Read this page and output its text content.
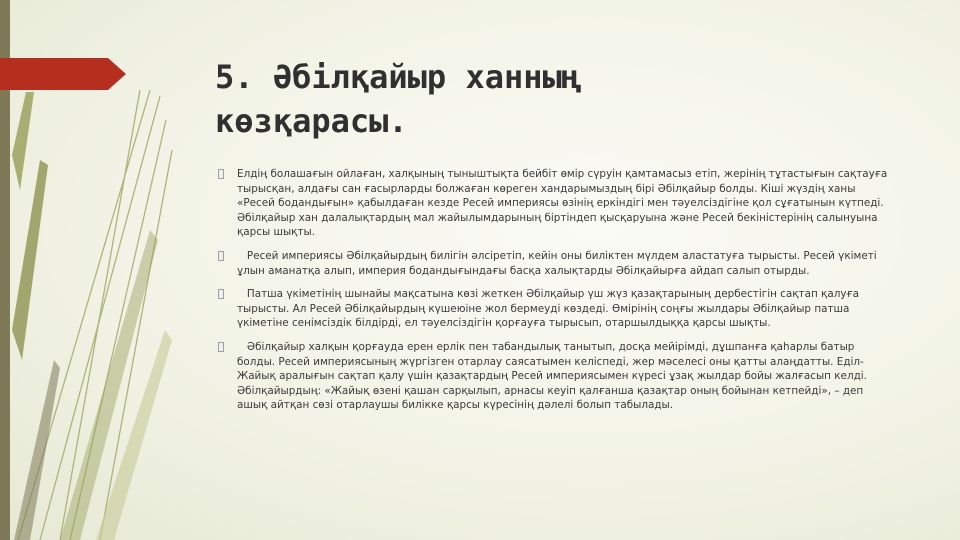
5. Әбілқайыр ханның
көзқарасы.

Елдің болашағын ойлаған, халқының тыныштықта бейбіт өмір сүруін қамтамасыз етіп, жерінің тұтастығын сақтауға тырысқан, алдағы сан ғасырларды болжаған көреген хандарымыздың бірі Әбілқайыр болды. Кіші жүздің ханы «Ресей бодандығын» қабылдаған кезде Ресей империясы өзінің еркіндігі мен тәуелсіздігіне қол сұғатынын күтпеді. Әбілқайыр хан далалықтардың мал жайылымдарының біртіндеп қысқаруына және Ресей бекіністерінің салынуына қарсы шықты.

Ресей империясы Әбілқайырдың билігін әлсіретіп, кейін оны биліктен мүлдем аластатуға тырысты. Ресей үкіметі ұлын аманатқа алып, империя бодандығындағы басқа халықтарды Әбілқайырға айдап салып отырды.

Патша үкіметінің шынайы мақсатына көзі жеткен Әбілқайыр үш жүз қазақтарының дербестігін сақтап қалуға тырысты. Ал Ресей Әбілқайырдың күшеюіне жол бермеуді көздеді. Өмірінің соңғы жылдары Әбілқайыр патша үкіметіне сенімсіздік білдірді, ел тәуелсіздігін қорғауға тырысып, отаршылдыққа қарсы шықты.

Әбілқайыр халқын қорғауда ерен ерлік пен табандылық танытып, досқа мейірімді, дұшпанға қаһарлы батыр болды. Ресей империясының жүргізген отарлау саясатымен келіспеді, жер мәселесі оны қатты алаңдатты. Еділ-Жайық аралығын сақтап қалу үшін қазақтардың Ресей империясымен күресі ұзақ жылдар бойы жалғасып келді. Әбілқайырдың: «Жайық өзені қашан сарқылып, арнасы кеуіп қалғанша қазақтар оның бойынан кетпейді», – деп ашық айтқан сөзі отарлаушы билікке қарсы күресінің дәлелі болып табылады.
